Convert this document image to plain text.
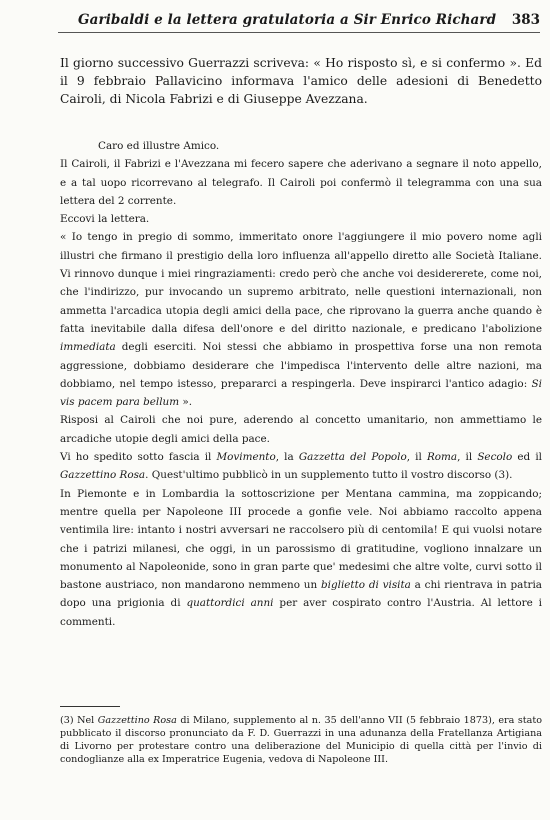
Garibaldi e la lettera gratulatoria a Sir Enrico Richard 383

Il giorno successivo Guerrazzi scriveva: « Ho risposto sì, e si confermo ». Ed il 9 febbraio Pallavicino informava l'amico delle adesioni di Benedetto Cairoli, di Nicola Fabrizi e di Giuseppe Avezzana.

Caro ed illustre Amico.

Il Cairoli, il Fabrizi e l'Avezzana mi fecero sapere che aderivano a segnare il noto appello, e a tal uopo ricorrevano al telegrafo. Il Cairoli poi confermò il telegramma con una sua lettera del 2 corrente.

Eccovi la lettera.

« Io tengo in pregio di sommo, immeritato onore l'aggiungere il mio povero nome agli illustri che firmano il prestigio della loro influenza all'appello diretto alle Società Italiane. Vi rinnovo dunque i miei ringraziamenti: credo però che anche voi desidererete, come noi, che l'indirizzo, pur invocando un supremo arbitrato, nelle questioni internazionali, non ammetta l'arcadica utopia degli amici della pace, che riprovano la guerra anche quando è fatta inevitabile dalla difesa dell'onore e del diritto nazionale, e predicano l'abolizione immediata degli eserciti. Noi stessi che abbiamo in prospettiva forse una non remota aggressione, dobbiamo desiderare che l'impedisca l'intervento delle altre nazioni, ma dobbiamo, nel tempo istesso, prepararci a respingerla. Deve inspirarci l'antico adagio: Si vis pacem para bellum ».

Risposi al Cairoli che noi pure, aderendo al concetto umanitario, non ammettiamo le arcadiche utopie degli amici della pace.

Vi ho spedito sotto fascia il Movimento, la Gazzetta del Popolo, il Roma, il Secolo ed il Gazzettino Rosa. Quest'ultimo pubblicò in un supplemento tutto il vostro discorso (3).

In Piemonte e in Lombardia la sottoscrizione per Mentana cammina, ma zoppicando; mentre quella per Napoleone III procede a gonfie vele. Noi abbiamo raccolto appena ventimila lire: intanto i nostri avversari ne raccolsero più di centomila! E qui vuolsi notare che i patrizi milanesi, che oggi, in un parossismo di gratitudine, vogliono innalzare un monumento al Napoleonide, sono in gran parte que' medesimi che altre volte, curvi sotto il bastone austriaco, non mandarono nemmeno un biglietto di visita a chi rientrava in patria dopo una prigionia di quattordici anni per aver cospirato contro l'Austria. Al lettore i commenti.

(3) Nel Gazzettino Rosa di Milano, supplemento al n. 35 dell'anno VII (5 febbraio 1873), era stato pubblicato il discorso pronunciato da F. D. Guerrazzi in una adunanza della Fratellanza Artigiana di Livorno per protestare contro una deliberazione del Municipio di quella città per l'invio di condoglianze alla ex Imperatrice Eugenia, vedova di Napoleone III.
